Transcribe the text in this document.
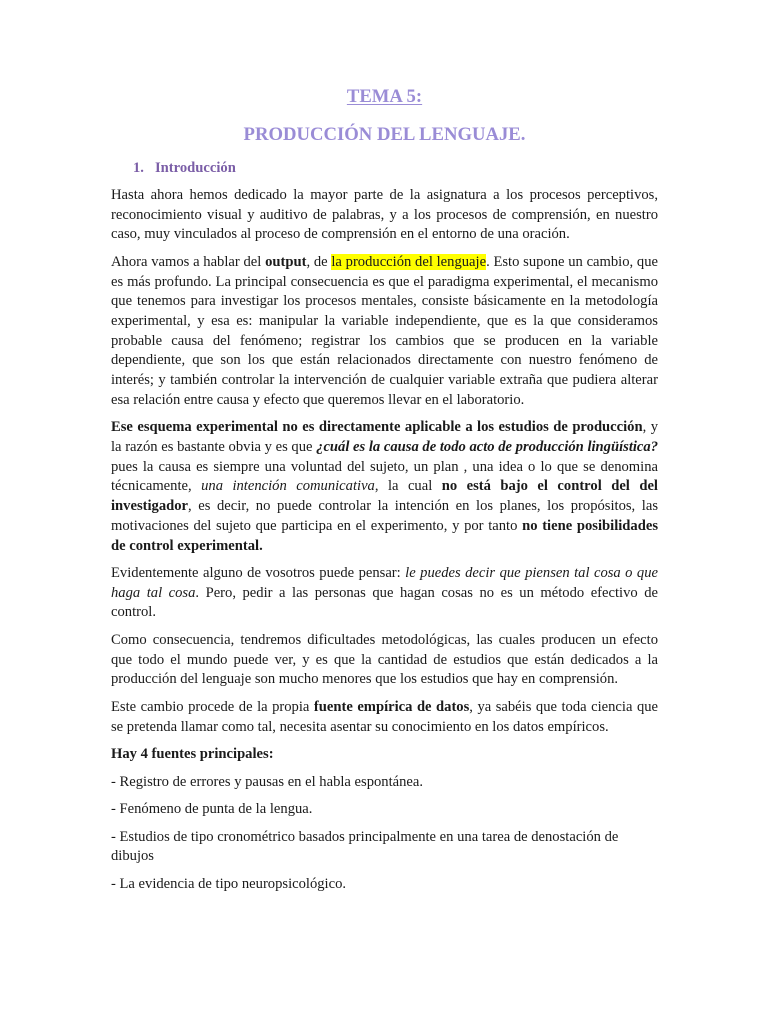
TEMA 5:
PRODUCCIÓN DEL LENGUAJE.
1. Introducción

Hasta ahora hemos dedicado la mayor parte de la asignatura a los procesos perceptivos, reconocimiento visual y auditivo de palabras, y a los procesos de comprensión, en nuestro caso, muy vinculados al proceso de comprensión en el entorno de una oración.

Ahora vamos a hablar del output, de la producción del lenguaje. Esto supone un cambio, que es más profundo. La principal consecuencia es que el paradigma experimental, el mecanismo que tenemos para investigar los procesos mentales, consiste básicamente en la metodología experimental, y esa es: manipular la variable independiente, que es la que consideramos probable causa del fenómeno; registrar los cambios que se producen en la variable dependiente, que son los que están relacionados directamente con nuestro fenómeno de interés; y también controlar la intervención de cualquier variable extraña que pudiera alterar esa relación entre causa y efecto que queremos llevar en el laboratorio.

Ese esquema experimental no es directamente aplicable a los estudios de producción, y la razón es bastante obvia y es que ¿cuál es la causa de todo acto de producción lingüística? pues la causa es siempre una voluntad del sujeto, un plan , una idea o lo que se denomina técnicamente, una intención comunicativa, la cual no está bajo el control del del investigador, es decir, no puede controlar la intención en los planes, los propósitos, las motivaciones del sujeto que participa en el experimento, y por tanto no tiene posibilidades de control experimental.

Evidentemente alguno de vosotros puede pensar: le puedes decir que piensen tal cosa o que haga tal cosa. Pero, pedir a las personas que hagan cosas no es un método efectivo de control.

Como consecuencia, tendremos dificultades metodológicas, las cuales producen un efecto que todo el mundo puede ver, y es que la cantidad de estudios que están dedicados a la producción del lenguaje son mucho menores que los estudios que hay en comprensión.

Este cambio procede de la propia fuente empírica de datos, ya sabéis que toda ciencia que se pretenda llamar como tal, necesita asentar su conocimiento en los datos empíricos.

Hay 4 fuentes principales:

- Registro de errores y pausas en el habla espontánea.

- Fenómeno de punta de la lengua.

- Estudios de tipo cronométrico basados principalmente en una tarea de denostación de dibujos

- La evidencia de tipo neuropsicológico.
